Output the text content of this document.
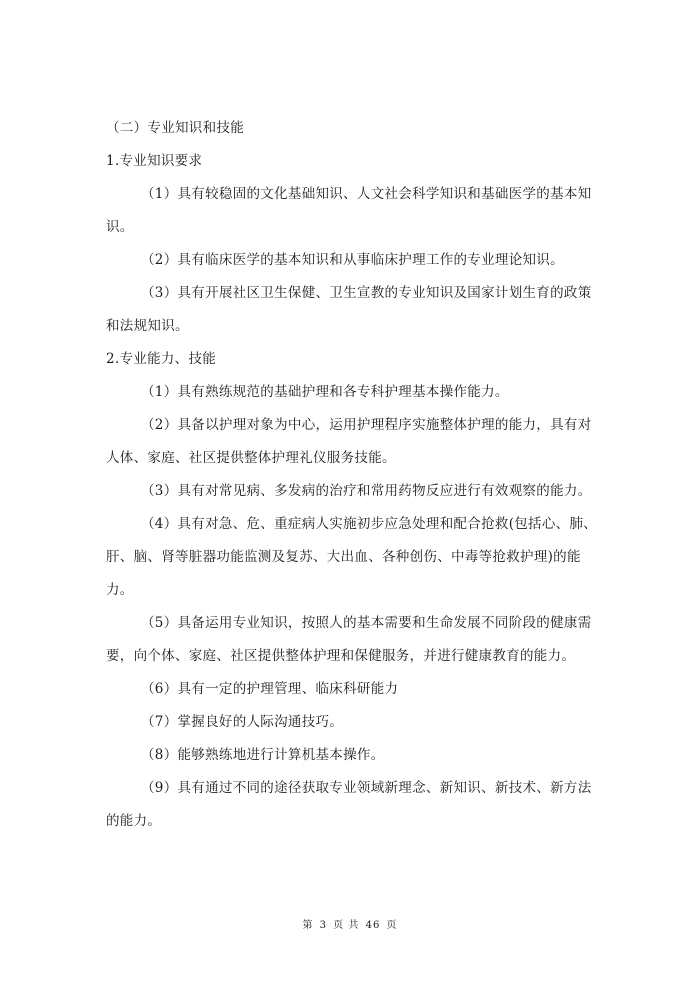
（二）专业知识和技能
1.专业知识要求
（1）具有较稳固的文化基础知识、人文社会科学知识和基础医学的基本知
识。
（2）具有临床医学的基本知识和从事临床护理工作的专业理论知识。
（3）具有开展社区卫生保健、卫生宣教的专业知识及国家计划生育的政策
和法规知识。
2.专业能力、技能
（1）具有熟练规范的基础护理和各专科护理基本操作能力。
（2）具备以护理对象为中心，运用护理程序实施整体护理的能力，具有对
人体、家庭、社区提供整体护理礼仪服务技能。
（3）具有对常见病、多发病的治疗和常用药物反应进行有效观察的能力。
（4）具有对急、危、重症病人实施初步应急处理和配合抢救(包括心、肺、
肝、脑、肾等脏器功能监测及复苏、大出血、各种创伤、中毒等抢救护理)的能
力。
（5）具备运用专业知识，按照人的基本需要和生命发展不同阶段的健康需
要，向个体、家庭、社区提供整体护理和保健服务，并进行健康教育的能力。
（6）具有一定的护理管理、临床科研能力
（7）掌握良好的人际沟通技巧。
（8）能够熟练地进行计算机基本操作。
（9）具有通过不同的途径获取专业领域新理念、新知识、新技术、新方法
的能力。
第 3 页 共 46 页
